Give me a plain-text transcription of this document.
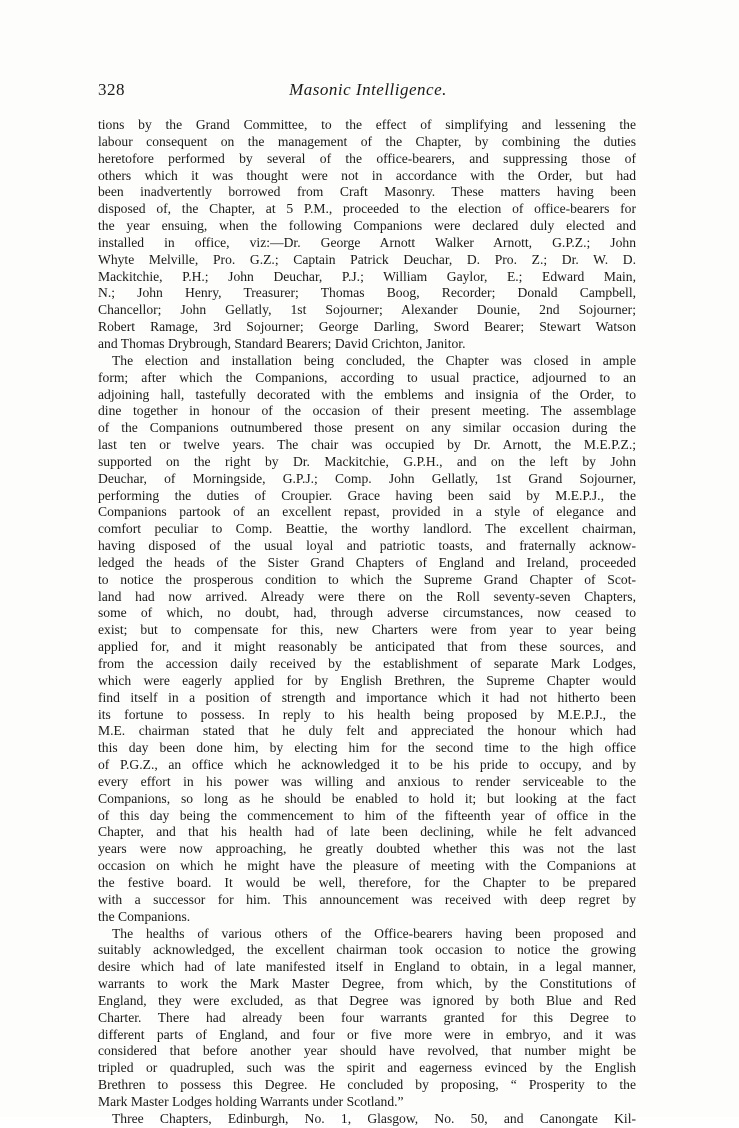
328	Masonic Intelligence.
tions by the Grand Committee, to the effect of simplifying and lessening the
labour consequent on the management of the Chapter, by combining the duties
heretofore performed by several of the office-bearers, and suppressing those of
others which it was thought were not in accordance with the Order, but had
been inadvertently borrowed from Craft Masonry. These matters having been
disposed of, the Chapter, at 5 P.M., proceeded to the election of office-bearers for
the year ensuing, when the following Companions were declared duly elected and
installed in office, viz:—Dr. George Arnott Walker Arnott, G.P.Z.; John
Whyte Melville, Pro. G.Z.; Captain Patrick Deuchar, D. Pro. Z.; Dr. W. D.
Mackitchie, P.H.; John Deuchar, P.J.; William Gaylor, E.; Edward Main,
N.; John Henry, Treasurer; Thomas Boog, Recorder; Donald Campbell,
Chancellor; John Gellatly, 1st Sojourner; Alexander Dounie, 2nd Sojourner;
Robert Ramage, 3rd Sojourner; George Darling, Sword Bearer; Stewart Watson
and Thomas Drybrough, Standard Bearers; David Crichton, Janitor.
The election and installation being concluded, the Chapter was closed in ample
form; after which the Companions, according to usual practice, adjourned to an
adjoining hall, tastefully decorated with the emblems and insignia of the Order, to
dine together in honour of the occasion of their present meeting. The assemblage
of the Companions outnumbered those present on any similar occasion during the
last ten or twelve years. The chair was occupied by Dr. Arnott, the M.E.P.Z.;
supported on the right by Dr. Mackitchie, G.P.H., and on the left by John
Deuchar, of Morningside, G.P.J.; Comp. John Gellatly, 1st Grand Sojourner,
performing the duties of Croupier. Grace having been said by M.E.P.J., the
Companions partook of an excellent repast, provided in a style of elegance and
comfort peculiar to Comp. Beattie, the worthy landlord. The excellent chairman,
having disposed of the usual loyal and patriotic toasts, and fraternally acknow-
ledged the heads of the Sister Grand Chapters of England and Ireland, proceeded
to notice the prosperous condition to which the Supreme Grand Chapter of Scot-
land had now arrived. Already were there on the Roll seventy-seven Chapters,
some of which, no doubt, had, through adverse circumstances, now ceased to
exist; but to compensate for this, new Charters were from year to year being
applied for, and it might reasonably be anticipated that from these sources, and
from the accession daily received by the establishment of separate Mark Lodges,
which were eagerly applied for by English Brethren, the Supreme Chapter would
find itself in a position of strength and importance which it had not hitherto been
its fortune to possess. In reply to his health being proposed by M.E.P.J., the
M.E. chairman stated that he duly felt and appreciated the honour which had
this day been done him, by electing him for the second time to the high office
of P.G.Z., an office which he acknowledged it to be his pride to occupy, and by
every effort in his power was willing and anxious to render serviceable to the
Companions, so long as he should be enabled to hold it; but looking at the fact
of this day being the commencement to him of the fifteenth year of office in the
Chapter, and that his health had of late been declining, while he felt advanced
years were now approaching, he greatly doubted whether this was not the last
occasion on which he might have the pleasure of meeting with the Companions at
the festive board. It would be well, therefore, for the Chapter to be prepared
with a successor for him. This announcement was received with deep regret by
the Companions.
The healths of various others of the Office-bearers having been proposed and
suitably acknowledged, the excellent chairman took occasion to notice the growing
desire which had of late manifested itself in England to obtain, in a legal manner,
warrants to work the Mark Master Degree, from which, by the Constitutions of
England, they were excluded, as that Degree was ignored by both Blue and Red
Charter. There had already been four warrants granted for this Degree to
different parts of England, and four or five more were in embryo, and it was
considered that before another year should have revolved, that number might be
tripled or quadrupled, such was the spirit and eagerness evinced by the English
Brethren to possess this Degree. He concluded by proposing, “ Prosperity to the
Mark Master Lodges holding Warrants under Scotland.”
Three Chapters, Edinburgh, No. 1, Glasgow, No. 50, and Canongate Kil-
